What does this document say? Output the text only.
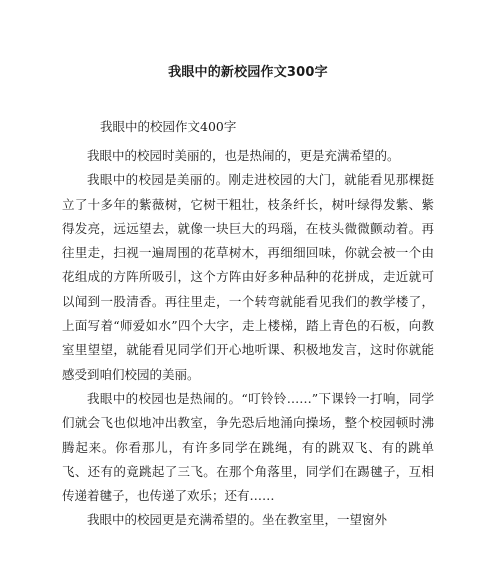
我眼中的新校园作文300字
我眼中的校园作文400字

我眼中的校园时美丽的，也是热闹的，更是充满希望的。

我眼中的校园是美丽的。刚走进校园的大门，就能看见那棵挺立了十多年的紫薇树，它树干粗壮，枝条纤长，树叶绿得发紫、紫得发亮，远远望去，就像一块巨大的玛瑙，在枝头微微颤动着。再往里走，扫视一遍周围的花草树木，再细细回味，你就会被一个由花组成的方阵所吸引，这个方阵由好多种品种的花拼成，走近就可以闻到一股清香。再往里走，一个转弯就能看见我们的教学楼了，上面写着“师爱如水”四个大字，走上楼梯，踏上青色的石板，向教室里望望，就能看见同学们开心地听课、积极地发言，这时你就能感受到咱们校园的美丽。

我眼中的校园也是热闹的。“叮铃铃……”下课铃一打响，同学们就会飞也似地冲出教室，争先恐后地涌向操场，整个校园顿时沸腾起来。你看那儿，有许多同学在跳绳，有的跳双飞、有的跳单飞、还有的竟跳起了三飞。在那个角落里，同学们在踢毽子，互相传递着毽子，也传递了欢乐；还有……

我眼中的校园更是充满希望的。坐在教室里，一望窗外
